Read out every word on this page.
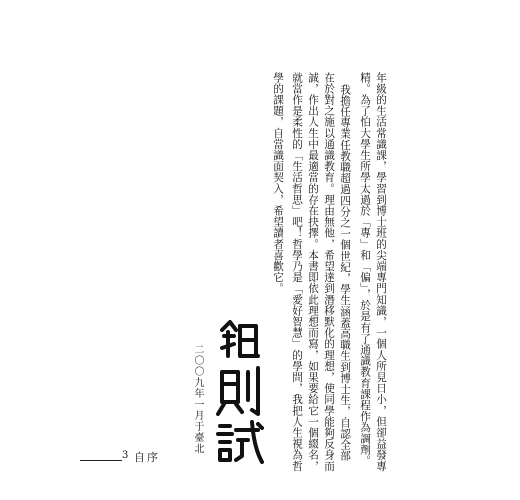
年級的生活常識課，學習到博士班的尖端專門知識，一個人所見日小，但卻益發專
精。為了怕大學生所學太過於「專」和「偏」，於是有了通識教育課程作為調劑。
我擔任專業任教職超過四分之一個世紀，學生涵蓋高職生到博士生，自認全部
在於對之施以通識教育。理由無他，希望達到潛移默化的理想，使同學能夠反身而
誠，作出人生中最適當的存在抉擇。本書即依此理想而寫，如果要給它一個綴名，
就當作是柔性的「生活哲思」吧！哲學乃是「愛好智慧」的學問，我把人生視為哲
學的課題，自當識面契入，希望讀者喜歡它。
二〇〇九年一月于臺北
3 自序
